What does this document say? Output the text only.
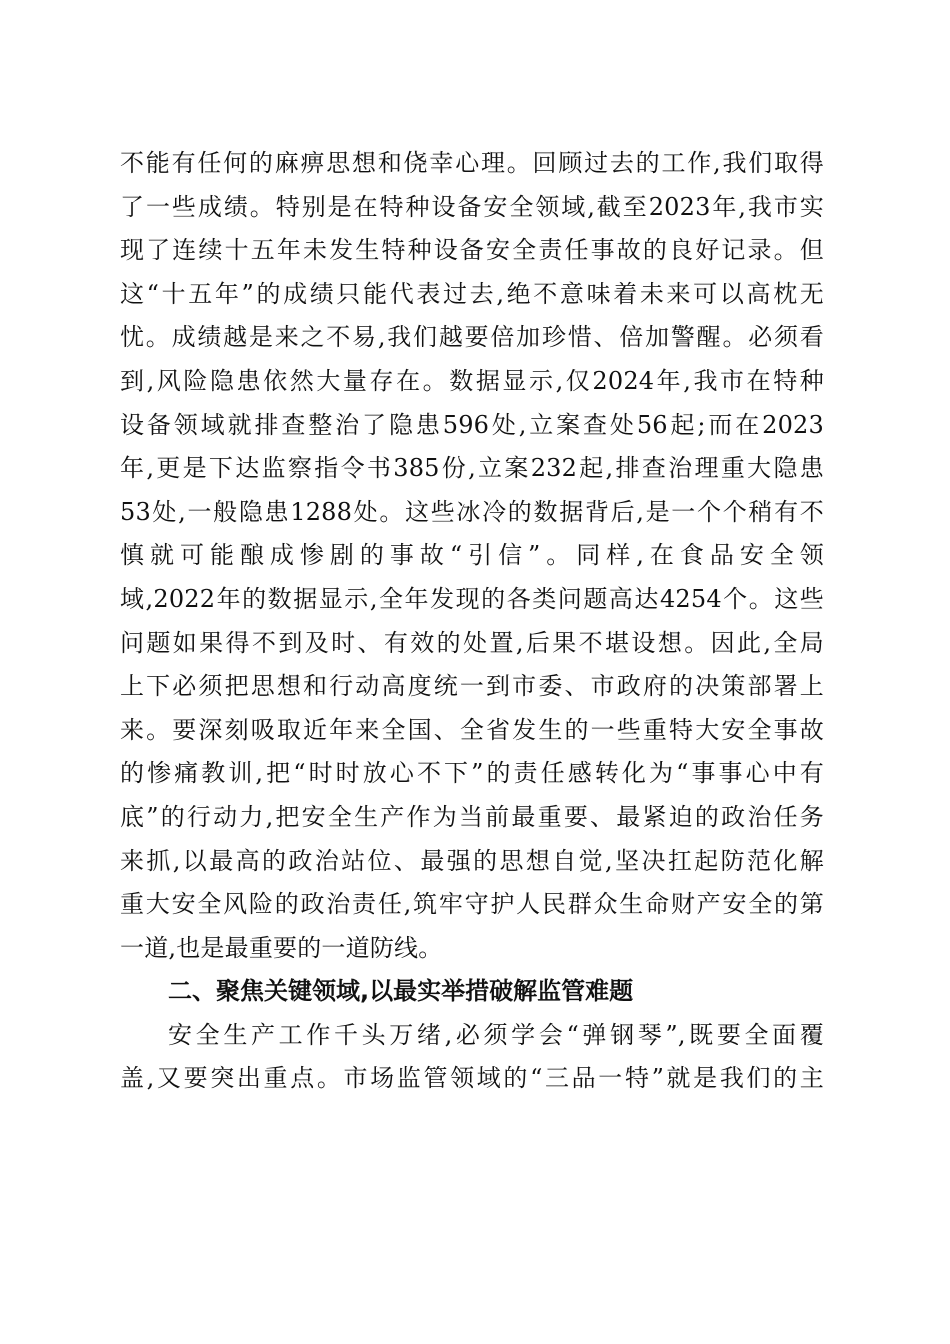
不能有任何的麻痹思想和侥幸心理。回顾过去的工作,我们取得
了一些成绩。特别是在特种设备安全领域,截至2023年,我市实
现了连续十五年未发生特种设备安全责任事故的良好记录。但
这“十五年”的成绩只能代表过去,绝不意味着未来可以高枕无
忧。成绩越是来之不易,我们越要倍加珍惜、倍加警醒。必须看
到,风险隐患依然大量存在。数据显示,仅2024年,我市在特种
设备领域就排查整治了隐患596处,立案查处56起;而在2023
年,更是下达监察指令书385份,立案232起,排查治理重大隐患
53处,一般隐患1288处。这些冰冷的数据背后,是一个个稍有不
慎就可能酿成惨剧的事故“引信”。同样,在食品安全领
域,2022年的数据显示,全年发现的各类问题高达4254个。这些
问题如果得不到及时、有效的处置,后果不堪设想。因此,全局
上下必须把思想和行动高度统一到市委、市政府的决策部署上
来。要深刻吸取近年来全国、全省发生的一些重特大安全事故
的惨痛教训,把“时时放心不下”的责任感转化为“事事心中有
底”的行动力,把安全生产作为当前最重要、最紧迫的政治任务
来抓,以最高的政治站位、最强的思想自觉,坚决扛起防范化解
重大安全风险的政治责任,筑牢守护人民群众生命财产安全的第
一道,也是最重要的一道防线。
二、聚焦关键领域,以最实举措破解监管难题
安全生产工作千头万绪,必须学会“弹钢琴”,既要全面覆
盖,又要突出重点。市场监管领域的“三品一特”就是我们的主
